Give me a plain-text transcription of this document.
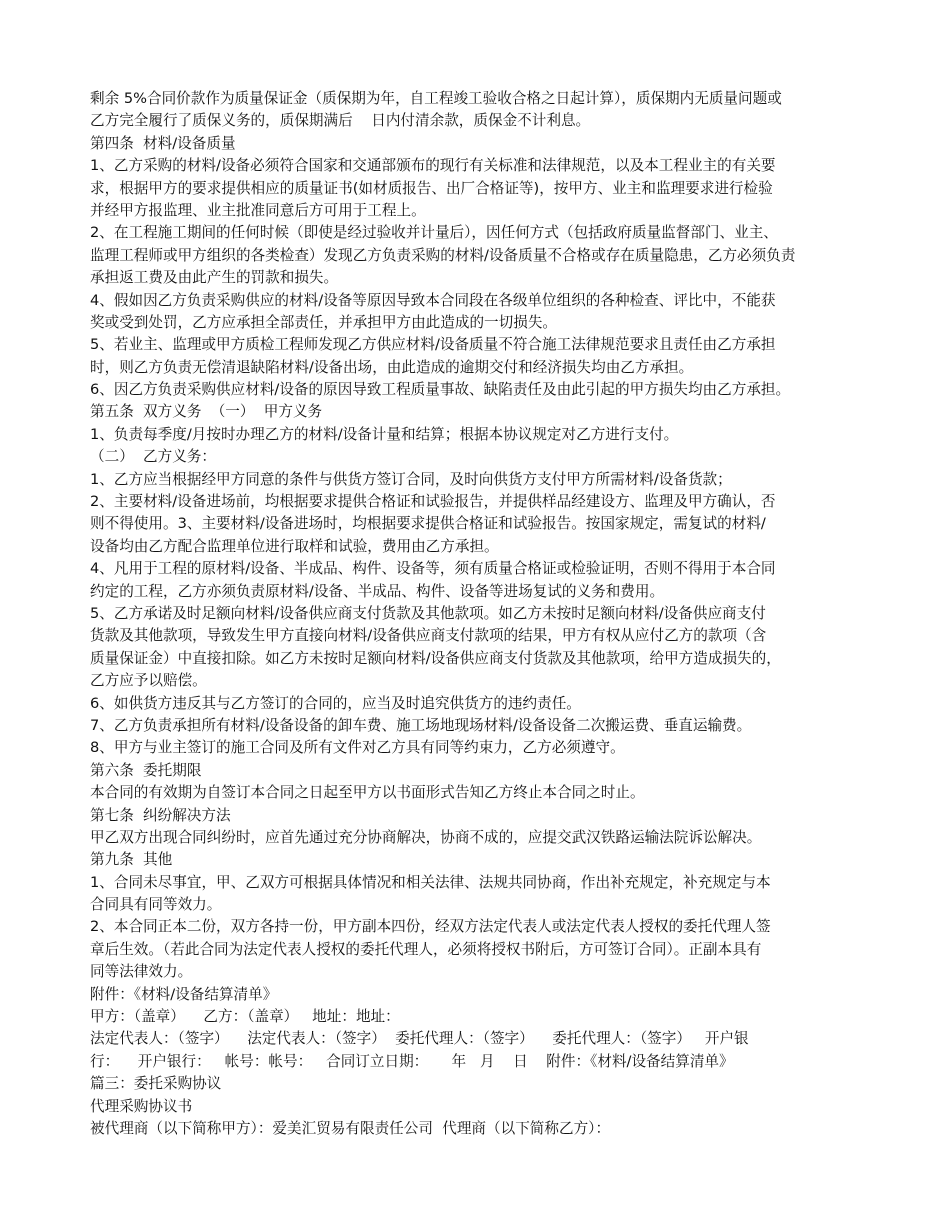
剩余 5%合同价款作为质量保证金（质保期为年，自工程竣工验收合格之日起计算），质保期内无质量问题或
乙方完全履行了质保义务的，质保期满后    日内付清余款，质保金不计利息。
第四条  材料/设备质量
1、乙方采购的材料/设备必须符合国家和交通部颁布的现行有关标准和法律规范，以及本工程业主的有关要
求，根据甲方的要求提供相应的质量证书(如材质报告、出厂合格证等)，按甲方、业主和监理要求进行检验
并经甲方报监理、业主批准同意后方可用于工程上。
2、在工程施工期间的任何时候（即使是经过验收并计量后），因任何方式（包括政府质量监督部门、业主、
监理工程师或甲方组织的各类检查）发现乙方负责采购的材料/设备质量不合格或存在质量隐患，乙方必须负责
承担返工费及由此产生的罚款和损失。
4、假如因乙方负责采购供应的材料/设备等原因导致本合同段在各级单位组织的各种检查、评比中，不能获
奖或受到处罚，乙方应承担全部责任，并承担甲方由此造成的一切损失。
5、若业主、监理或甲方质检工程师发现乙方供应材料/设备质量不符合施工法律规范要求且责任由乙方承担
时，则乙方负责无偿清退缺陷材料/设备出场，由此造成的逾期交付和经济损失均由乙方承担。
6、因乙方负责采购供应材料/设备的原因导致工程质量事故、缺陷责任及由此引起的甲方损失均由乙方承担。
第五条  双方义务  （一）  甲方义务
1、负责每季度/月按时办理乙方的材料/设备计量和结算；根据本协议规定对乙方进行支付。
（二）  乙方义务：
1、乙方应当根据经甲方同意的条件与供货方签订合同，及时向供货方支付甲方所需材料/设备货款；
2、主要材料/设备进场前，均根据要求提供合格证和试验报告，并提供样品经建设方、监理及甲方确认，否
则不得使用。3、主要材料/设备进场时，均根据要求提供合格证和试验报告。按国家规定，需复试的材料/
设备均由乙方配合监理单位进行取样和试验，费用由乙方承担。
4、凡用于工程的原材料/设备、半成品、构件、设备等，须有质量合格证或检验证明，否则不得用于本合同
约定的工程，乙方亦须负责原材料/设备、半成品、构件、设备等进场复试的义务和费用。
5、乙方承诺及时足额向材料/设备供应商支付货款及其他款项。如乙方未按时足额向材料/设备供应商支付
货款及其他款项，导致发生甲方直接向材料/设备供应商支付款项的结果，甲方有权从应付乙方的款项（含
质量保证金）中直接扣除。如乙方未按时足额向材料/设备供应商支付货款及其他款项，给甲方造成损失的，
乙方应予以赔偿。
6、如供货方违反其与乙方签订的合同的，应当及时追究供货方的违约责任。
7、乙方负责承担所有材料/设备设备的卸车费、施工场地现场材料/设备设备二次搬运费、垂直运输费。
8、甲方与业主签订的施工合同及所有文件对乙方具有同等约束力，乙方必须遵守。
第六条  委托期限
本合同的有效期为自签订本合同之日起至甲方以书面形式告知乙方终止本合同之时止。
第七条  纠纷解决方法
甲乙双方出现合同纠纷时，应首先通过充分协商解决，协商不成的，应提交武汉铁路运输法院诉讼解决。
第九条  其他
1、合同未尽事宜，甲、乙双方可根据具体情况和相关法律、法规共同协商，作出补充规定，补充规定与本
合同具有同等效力。
2、本合同正本二份，双方各持一份，甲方副本四份，经双方法定代表人或法定代表人授权的委托代理人签
章后生效。（若此合同为法定代表人授权的委托代理人，必须将授权书附后，方可签订合同）。正副本具有
同等法律效力。
附件：《材料/设备结算清单》
甲方：（盖章）    乙方：（盖章）   地址：地址：
法定代表人：（签字）    法定代表人：（签字）  委托代理人：（签字）    委托代理人：（签字）   开户银
行：    开户银行：   帐号：帐号：   合同订立日期：     年   月    日    附件：《材料/设备结算清单》
篇三：委托采购协议
代理采购协议书
被代理商（以下简称甲方）：爱美汇贸易有限责任公司  代理商（以下简称乙方）：
